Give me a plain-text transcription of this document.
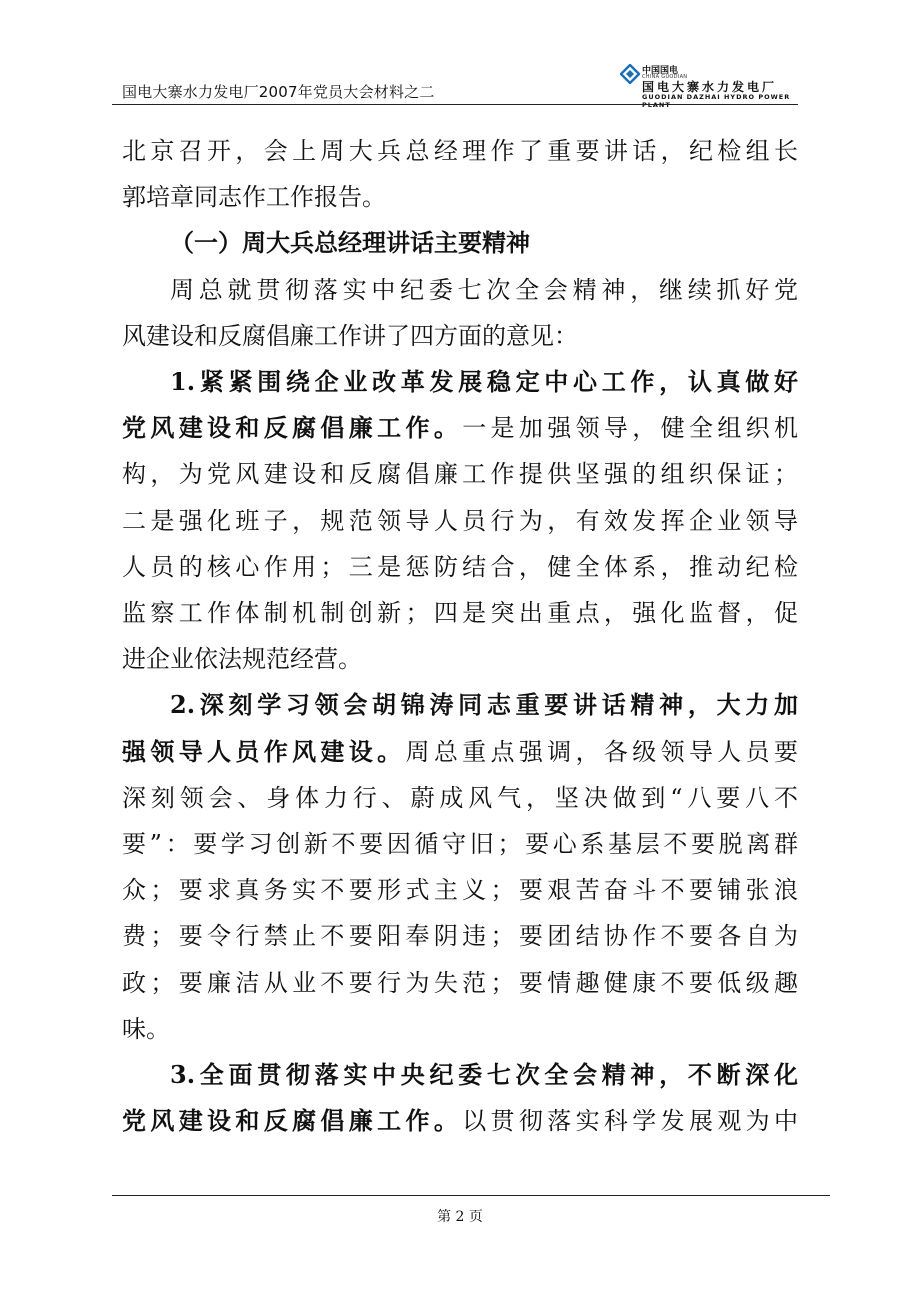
国电大寨水力发电厂2007年党员大会材料之二
中国国电
CHINA GUODIAN
国电大寨水力发电厂
GUODIAN DAZHAI HYDRO POWER PLANT
北京召开，会上周大兵总经理作了重要讲话，纪检组长
郭培章同志作工作报告。
（一）周大兵总经理讲话主要精神
周总就贯彻落实中纪委七次全会精神，继续抓好党
风建设和反腐倡廉工作讲了四方面的意见：
1.紧紧围绕企业改革发展稳定中心工作，认真做好
党风建设和反腐倡廉工作。一是加强领导，健全组织机
构，为党风建设和反腐倡廉工作提供坚强的组织保证；
二是强化班子，规范领导人员行为，有效发挥企业领导
人员的核心作用；三是惩防结合，健全体系，推动纪检
监察工作体制机制创新；四是突出重点，强化监督，促
进企业依法规范经营。
2.深刻学习领会胡锦涛同志重要讲话精神，大力加
强领导人员作风建设。周总重点强调，各级领导人员要
深刻领会、身体力行、蔚成风气，坚决做到“八要八不
要”：要学习创新不要因循守旧；要心系基层不要脱离群
众；要求真务实不要形式主义；要艰苦奋斗不要铺张浪
费；要令行禁止不要阳奉阴违；要团结协作不要各自为
政；要廉洁从业不要行为失范；要情趣健康不要低级趣
味。
3.全面贯彻落实中央纪委七次全会精神，不断深化
党风建设和反腐倡廉工作。以贯彻落实科学发展观为中
第 2 页
